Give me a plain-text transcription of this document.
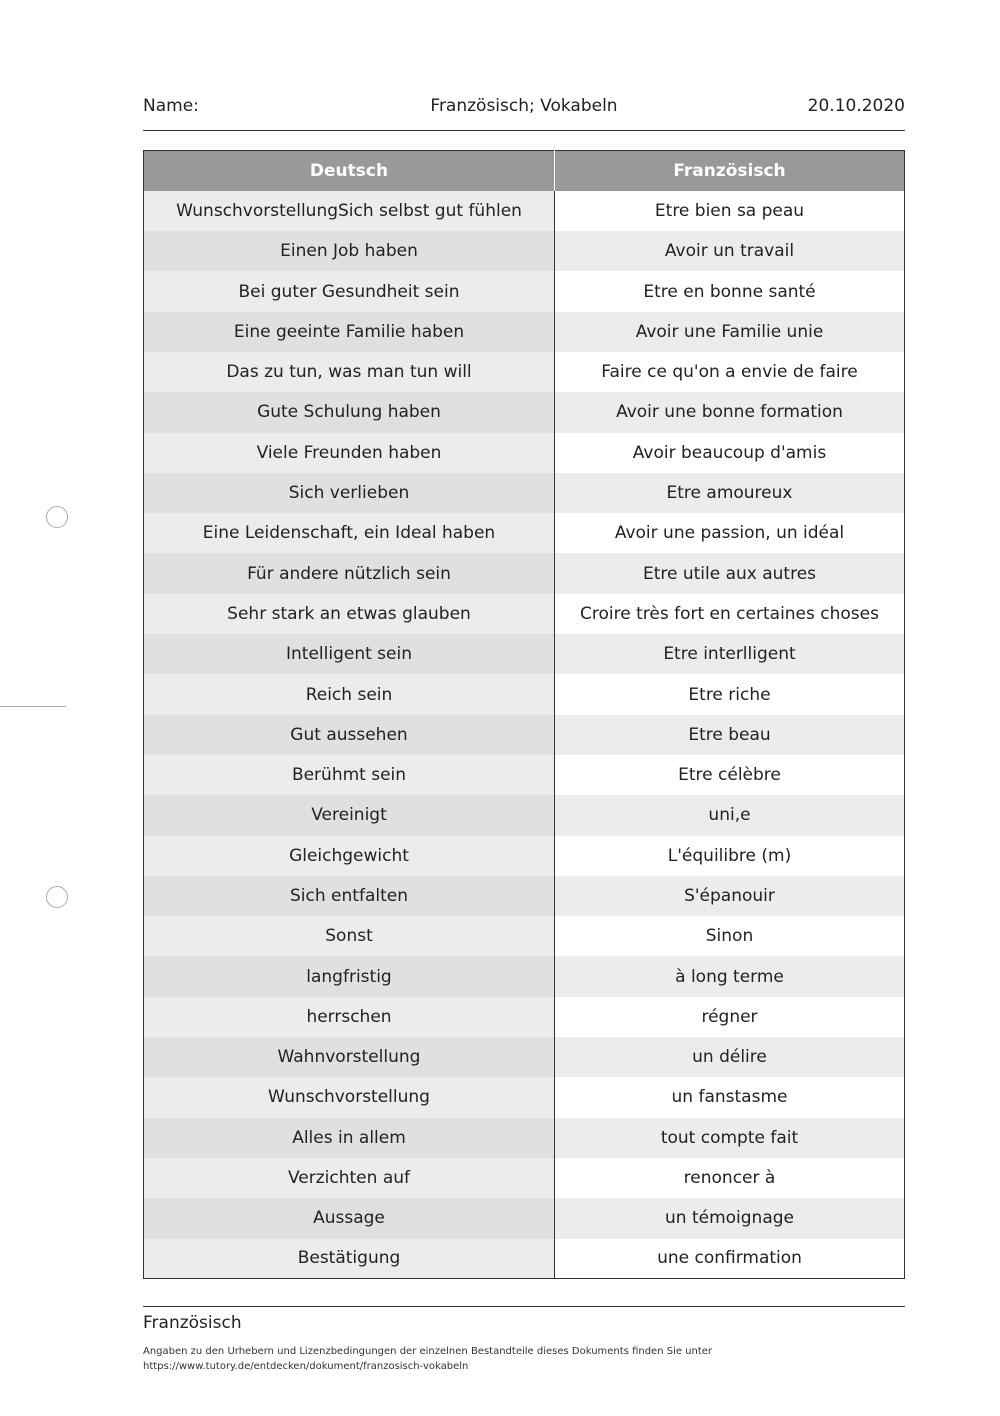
Name:	Französisch; Vokabeln	20.10.2020
Deutsch	Französisch
WunschvorstellungSich selbst gut fühlen	Etre bien sa peau
Einen Job haben	Avoir un travail
Bei guter Gesundheit sein	Etre en bonne santé
Eine geeinte Familie haben	Avoir une Familie unie
Das zu tun, was man tun will	Faire ce qu'on a envie de faire
Gute Schulung haben	Avoir une bonne formation
Viele Freunden haben	Avoir beaucoup d'amis
Sich verlieben	Etre amoureux
Eine Leidenschaft, ein Ideal haben	Avoir une passion, un idéal
Für andere nützlich sein	Etre utile aux autres
Sehr stark an etwas glauben	Croire très fort en certaines choses
Intelligent sein	Etre interlligent
Reich sein	Etre riche
Gut aussehen	Etre beau
Berühmt sein	Etre célèbre
Vereinigt	uni,e
Gleichgewicht	L'équilibre (m)
Sich entfalten	S'épanouir
Sonst	Sinon
langfristig	à long terme
herrschen	régner
Wahnvorstellung	un délire
Wunschvorstellung	un fanstasme
Alles in allem	tout compte fait
Verzichten auf	renoncer à
Aussage	un témoignage
Bestätigung	une confirmation
Französisch
Angaben zu den Urhebern und Lizenzbedingungen der einzelnen Bestandteile dieses Dokuments finden Sie unter
https://www.tutory.de/entdecken/dokument/franzosisch-vokabeln
